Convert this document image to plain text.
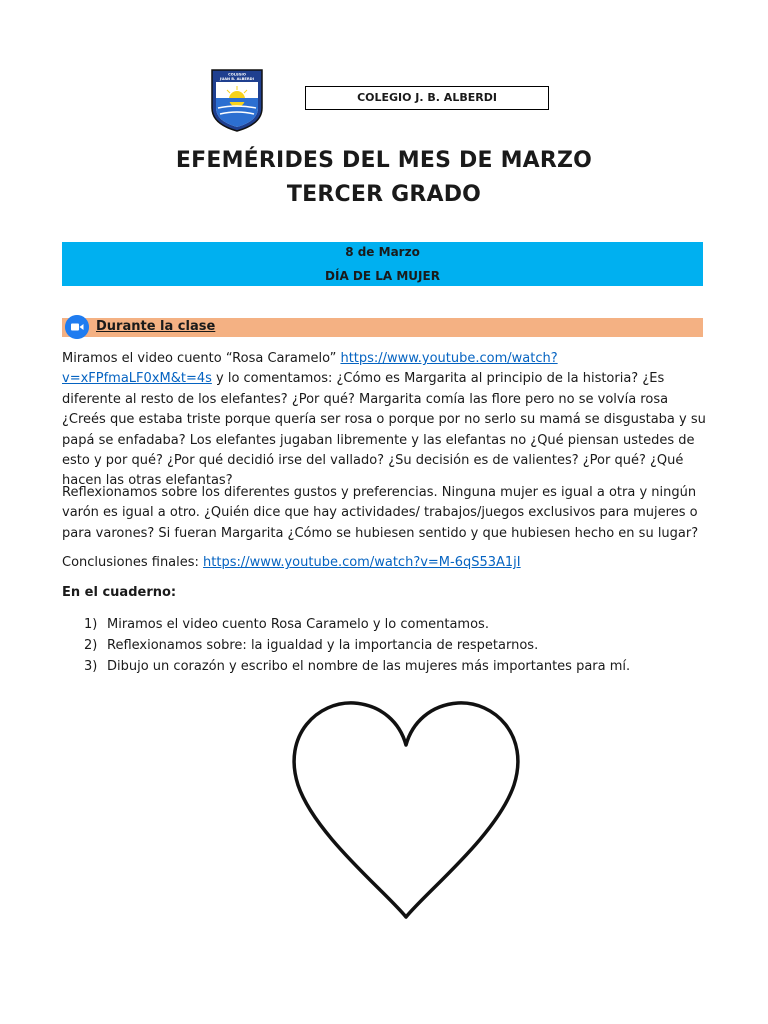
COLEGIO
JUAN B. ALBERDI
COLEGIO J. B. ALBERDI
EFEMÉRIDES DEL MES DE MARZO
TERCER GRADO
8 de Marzo
DÍA DE LA MUJER
Durante la clase
Miramos el video cuento “Rosa Caramelo” https://www.youtube.com/watch?v=xFPfmaLF0xM&t=4s y lo comentamos: ¿Cómo es Margarita al principio de la historia? ¿Es diferente al resto de los elefantes? ¿Por qué? Margarita comía las flore pero no se volvía rosa ¿Creés que estaba triste porque quería ser rosa o porque por no serlo su mamá se disgustaba y su papá se enfadaba? Los elefantes jugaban libremente y las elefantas no ¿Qué piensan ustedes de esto y por qué? ¿Por qué decidió irse del vallado? ¿Su decisión es de valientes? ¿Por qué? ¿Qué hacen las otras elefantas?
Reflexionamos sobre los diferentes gustos y preferencias. Ninguna mujer es igual a otra y ningún varón es igual a otro. ¿Quién dice que hay actividades/ trabajos/juegos exclusivos para mujeres o para varones? Si fueran Margarita ¿Cómo se hubiesen sentido y que hubiesen hecho en su lugar?
Conclusiones finales: https://www.youtube.com/watch?v=M-6qS53A1jI
En el cuaderno:
1) Miramos el video cuento Rosa Caramelo y lo comentamos.
2) Reflexionamos sobre: la igualdad y la importancia de respetarnos.
3) Dibujo un corazón y escribo el nombre de las mujeres más importantes para mí.
